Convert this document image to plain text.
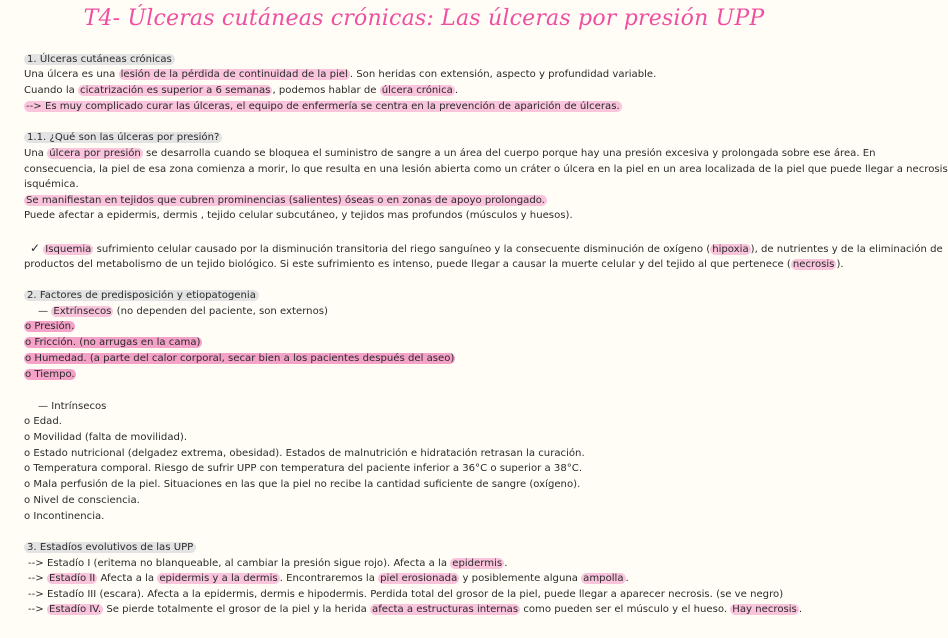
T4- Úlceras cutáneas crónicas: Las úlceras por presión UPP
1. Úlceras cutáneas crónicas
Una úlcera es una lesión de la pérdida de continuidad de la piel . Son heridas con extensión, aspecto y profundidad variable.
Cuando la cicatrización es superior a 6 semanas , podemos hablar de úlcera crónica .
--> Es muy complicado curar las úlceras, el equipo de enfermería se centra en la prevención de aparición de úlceras.
1.1. ¿Qué son las úlceras por presión?
Una úlcera por presión se desarrolla cuando se bloquea el suministro de sangre a un área del cuerpo porque hay una presión excesiva y prolongada sobre ese área. En
consecuencia, la piel de esa zona comienza a morir, lo que resulta en una lesión abierta como un cráter o úlcera en la piel en un area localizada de la piel que puede llegar a necrosis
isquémica.
Se manifiestan en tejidos que cubren prominencias (salientes) óseas o en zonas de apoyo prolongado.
Puede afectar a epidermis, dermis , tejido celular subcutáneo, y tejidos mas profundos (músculos y huesos).
✓ Isquemia sufrimiento celular causado por la disminución transitoria del riego sanguíneo y la consecuente disminución de oxígeno ( hipoxia ), de nutrientes y de la eliminación de
productos del metabolismo de un tejido biológico. Si este sufrimiento es intenso, puede llegar a causar la muerte celular y del tejido al que pertenece ( necrosis ).
2. Factores de predisposición y etiopatogenia
— Extrínsecos (no dependen del paciente, son externos)
o Presión.
o Fricción. (no arrugas en la cama)
o Humedad. (a parte del calor corporal, secar bien a los pacientes después del aseo)
o Tiempo.
— Intrínsecos
o Edad.
o Movilidad (falta de movilidad).
o Estado nutricional (delgadez extrema, obesidad). Estados de malnutrición e hidratación retrasan la curación.
o Temperatura comporal. Riesgo de sufrir UPP con temperatura del paciente inferior a 36°C o superior a 38°C.
o Mala perfusión de la piel. Situaciones en las que la piel no recibe la cantidad suficiente de sangre (oxígeno).
o Nivel de consciencia.
o Incontinencia.
3. Estadíos evolutivos de las UPP
--> Estadío I (eritema no blanqueable, al cambiar la presión sigue rojo). Afecta a la epidermis .
--> Estadío II Afecta a la epidermis y a la dermis . Encontraremos la piel erosionada y posiblemente alguna ampolla .
--> Estadío III (escara). Afecta a la epidermis, dermis e hipodermis. Perdida total del grosor de la piel, puede llegar a aparecer necrosis. (se ve negro)
--> Estadío IV. Se pierde totalmente el grosor de la piel y la herida afecta a estructuras internas como pueden ser el músculo y el hueso. Hay necrosis .
